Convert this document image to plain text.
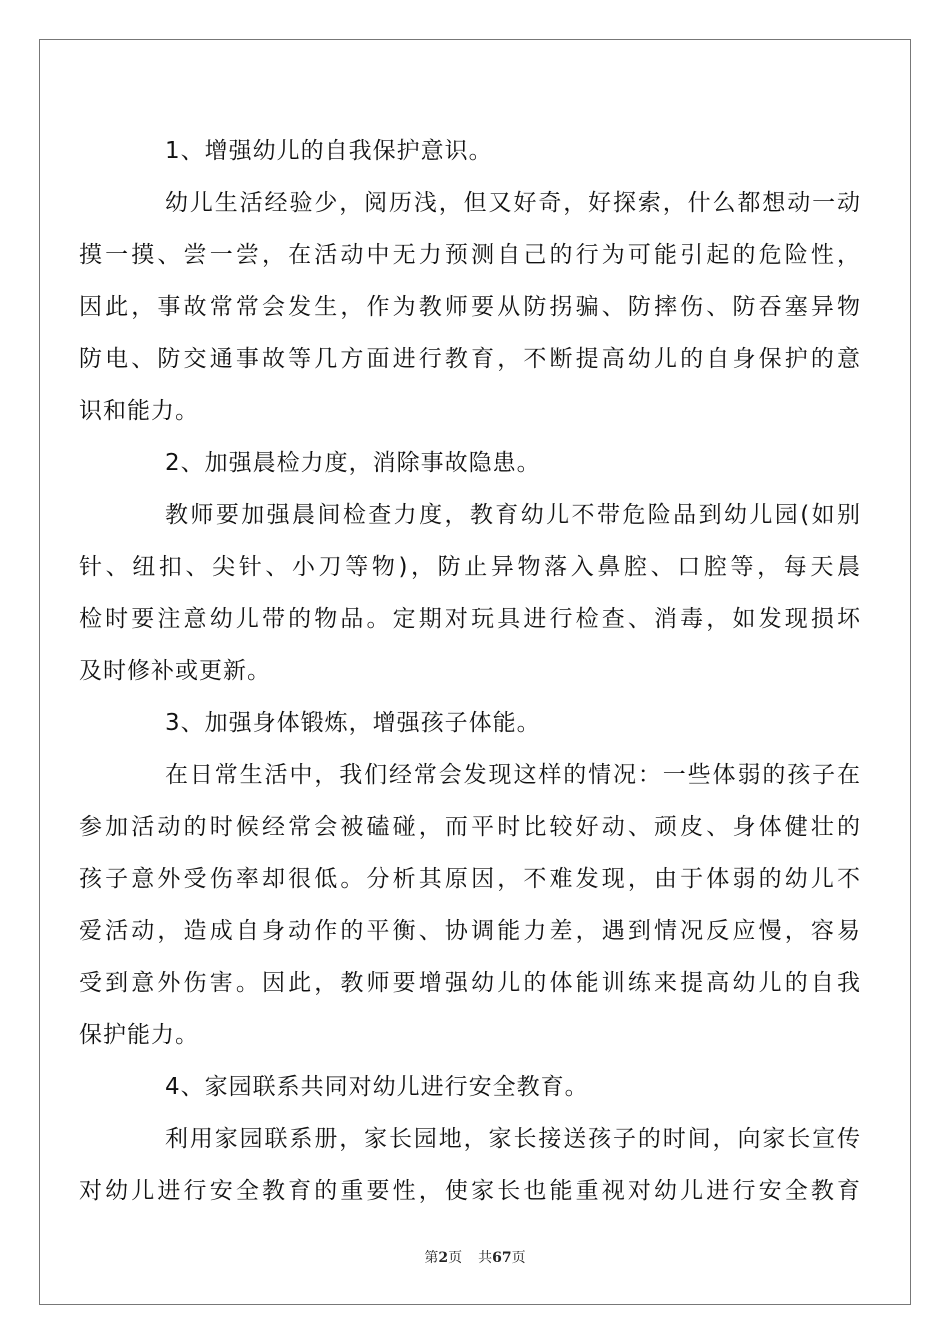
1、增强幼儿的自我保护意识。
幼儿生活经验少，阅历浅，但又好奇，好探索，什么都想动一动
摸一摸、尝一尝，在活动中无力预测自己的行为可能引起的危险性，
因此，事故常常会发生，作为教师要从防拐骗、防摔伤、防吞塞异物
防电、防交通事故等几方面进行教育，不断提高幼儿的自身保护的意
识和能力。
2、加强晨检力度，消除事故隐患。
教师要加强晨间检查力度，教育幼儿不带危险品到幼儿园(如别
针、纽扣、尖针、小刀等物)，防止异物落入鼻腔、口腔等，每天晨
检时要注意幼儿带的物品。定期对玩具进行检查、消毒，如发现损坏
及时修补或更新。
3、加强身体锻炼，增强孩子体能。
在日常生活中，我们经常会发现这样的情况：一些体弱的孩子在
参加活动的时候经常会被磕碰，而平时比较好动、顽皮、身体健壮的
孩子意外受伤率却很低。分析其原因，不难发现，由于体弱的幼儿不
爱活动，造成自身动作的平衡、协调能力差，遇到情况反应慢，容易
受到意外伤害。因此，教师要增强幼儿的体能训练来提高幼儿的自我
保护能力。
4、家园联系共同对幼儿进行安全教育。
利用家园联系册，家长园地，家长接送孩子的时间，向家长宣传
对幼儿进行安全教育的重要性，使家长也能重视对幼儿进行安全教育
第2页 共67页
